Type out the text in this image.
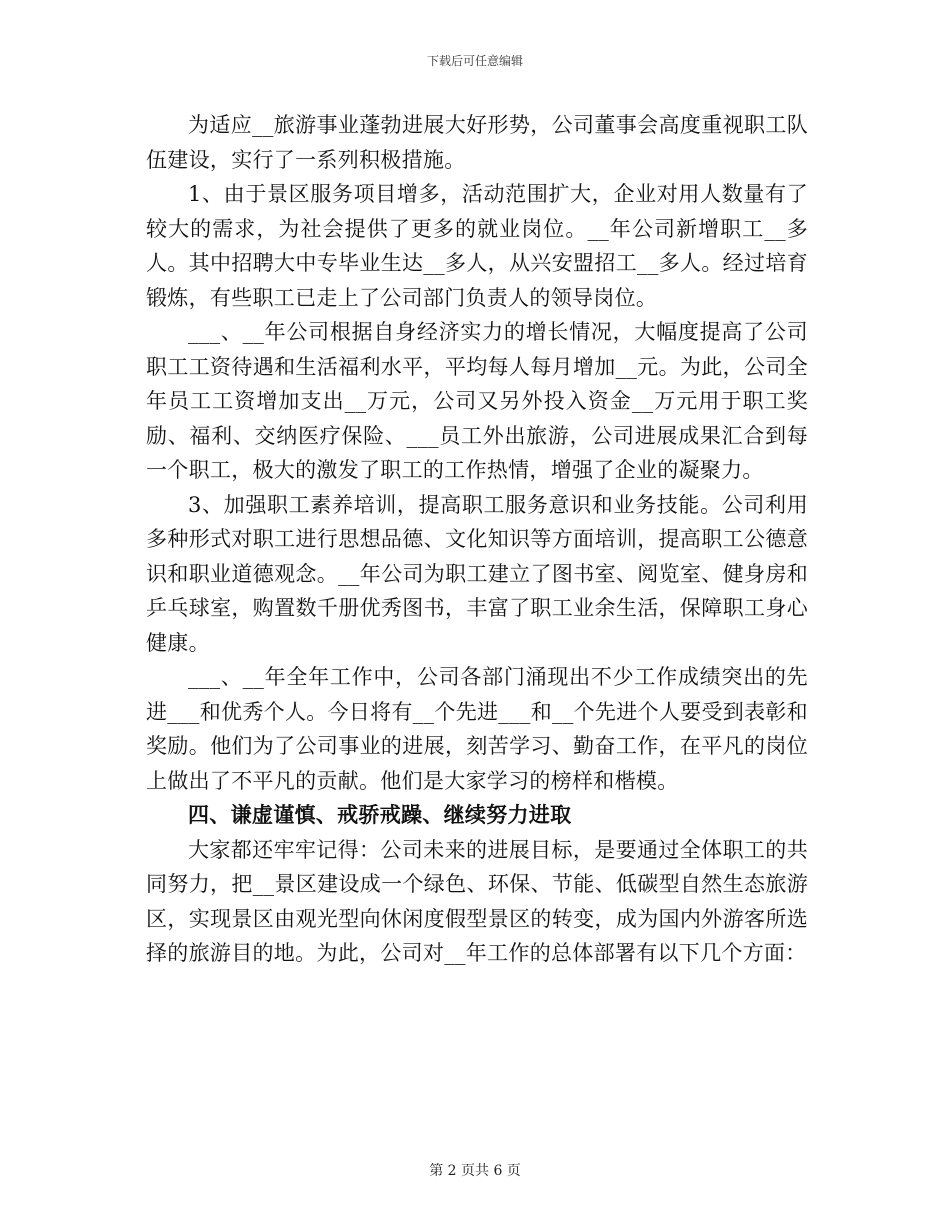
下载后可任意编辑

为适应__旅游事业蓬勃进展大好形势，公司董事会高度重视职工队伍建设，实行了一系列积极措施。

1、由于景区服务项目增多，活动范围扩大，企业对用人数量有了较大的需求，为社会提供了更多的就业岗位。__年公司新增职工__多人。其中招聘大中专毕业生达__多人，从兴安盟招工__多人。经过培育锻炼，有些职工已走上了公司部门负责人的领导岗位。

___、__年公司根据自身经济实力的增长情况，大幅度提高了公司职工工资待遇和生活福利水平，平均每人每月增加__元。为此，公司全年员工工资增加支出__万元，公司又另外投入资金__万元用于职工奖励、福利、交纳医疗保险、___员工外出旅游，公司进展成果汇合到每一个职工，极大的激发了职工的工作热情，增强了企业的凝聚力。

3、加强职工素养培训，提高职工服务意识和业务技能。公司利用多种形式对职工进行思想品德、文化知识等方面培训，提高职工公德意识和职业道德观念。__年公司为职工建立了图书室、阅览室、健身房和乒乓球室，购置数千册优秀图书，丰富了职工业余生活，保障职工身心健康。

___、__年全年工作中，公司各部门涌现出不少工作成绩突出的先进___和优秀个人。今日将有__个先进___和__个先进个人要受到表彰和奖励。他们为了公司事业的进展，刻苦学习、勤奋工作，在平凡的岗位上做出了不平凡的贡献。他们是大家学习的榜样和楷模。

四、谦虚谨慎、戒骄戒躁、继续努力进取

大家都还牢牢记得：公司未来的进展目标，是要通过全体职工的共同努力，把__景区建设成一个绿色、环保、节能、低碳型自然生态旅游区，实现景区由观光型向休闲度假型景区的转变，成为国内外游客所选择的旅游目的地。为此，公司对__年工作的总体部署有以下几个方面：

第 2 页共 6 页
